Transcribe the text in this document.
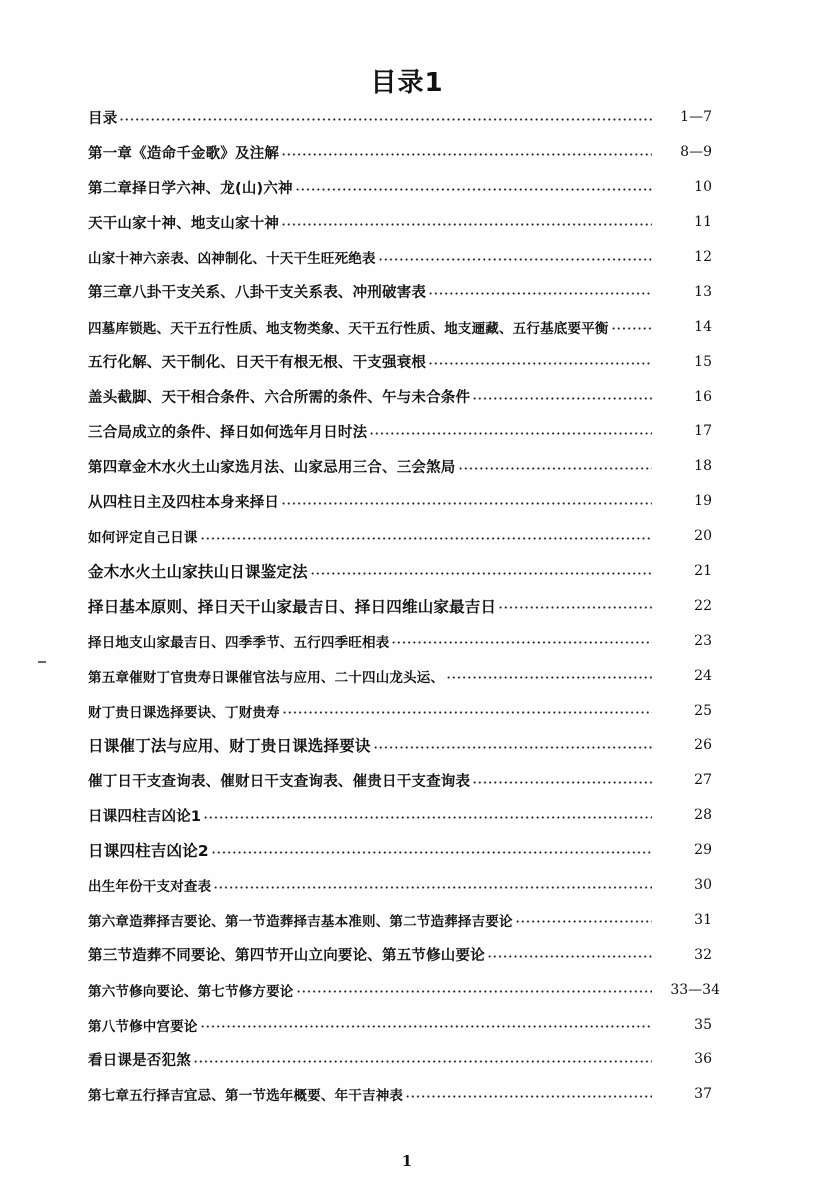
目录1
目录	1—7
第一章《造命千金歌》及注解	8—9
第二章择日学六神、龙(山)六神	10
天干山家十神、地支山家十神	11
山家十神六亲表、凶神制化、十天干生旺死绝表	12
第三章八卦干支关系、八卦干支关系表、冲刑破害表	13
四墓库锁匙、天干五行性质、地支物类象、天干五行性质、地支逦藏、五行基底要平衡	14
五行化解、天干制化、日天干有根无根、干支强衰根	15
盖头截脚、天干相合条件、六合所需的条件、午与未合条件	16
三合局成立的条件、择日如何选年月日时法	17
第四章金木水火土山家选月法、山家忌用三合、三会煞局	18
从四柱日主及四柱本身来择日	19
如何评定自己日课	20
金木水火土山家扶山日课鉴定法	21
择日基本原则、择日天干山家最吉日、择日四维山家最吉日	22
择日地支山家最吉日、四季季节、五行四季旺相表	23
第五章催财丁官贵寿日课催官法与应用、二十四山龙头运、	24
财丁贵日课选择要诀、丁财贵寿	25
日课催丁法与应用、财丁贵日课选择要诀	26
催丁日干支查询表、催财日干支查询表、催贵日干支查询表	27
日课四柱吉凶论1	28
日课四柱吉凶论2	29
出生年份干支对查表	30
第六章造葬择吉要论、第一节造葬择吉基本准则、第二节造葬择吉要论	31
第三节造葬不同要论、第四节开山立向要论、第五节修山要论	32
第六节修向要论、第七节修方要论	33—34
第八节修中宫要论	35
看日课是否犯煞	36
第七章五行择吉宜忌、第一节选年概要、年干吉神表	37
1
